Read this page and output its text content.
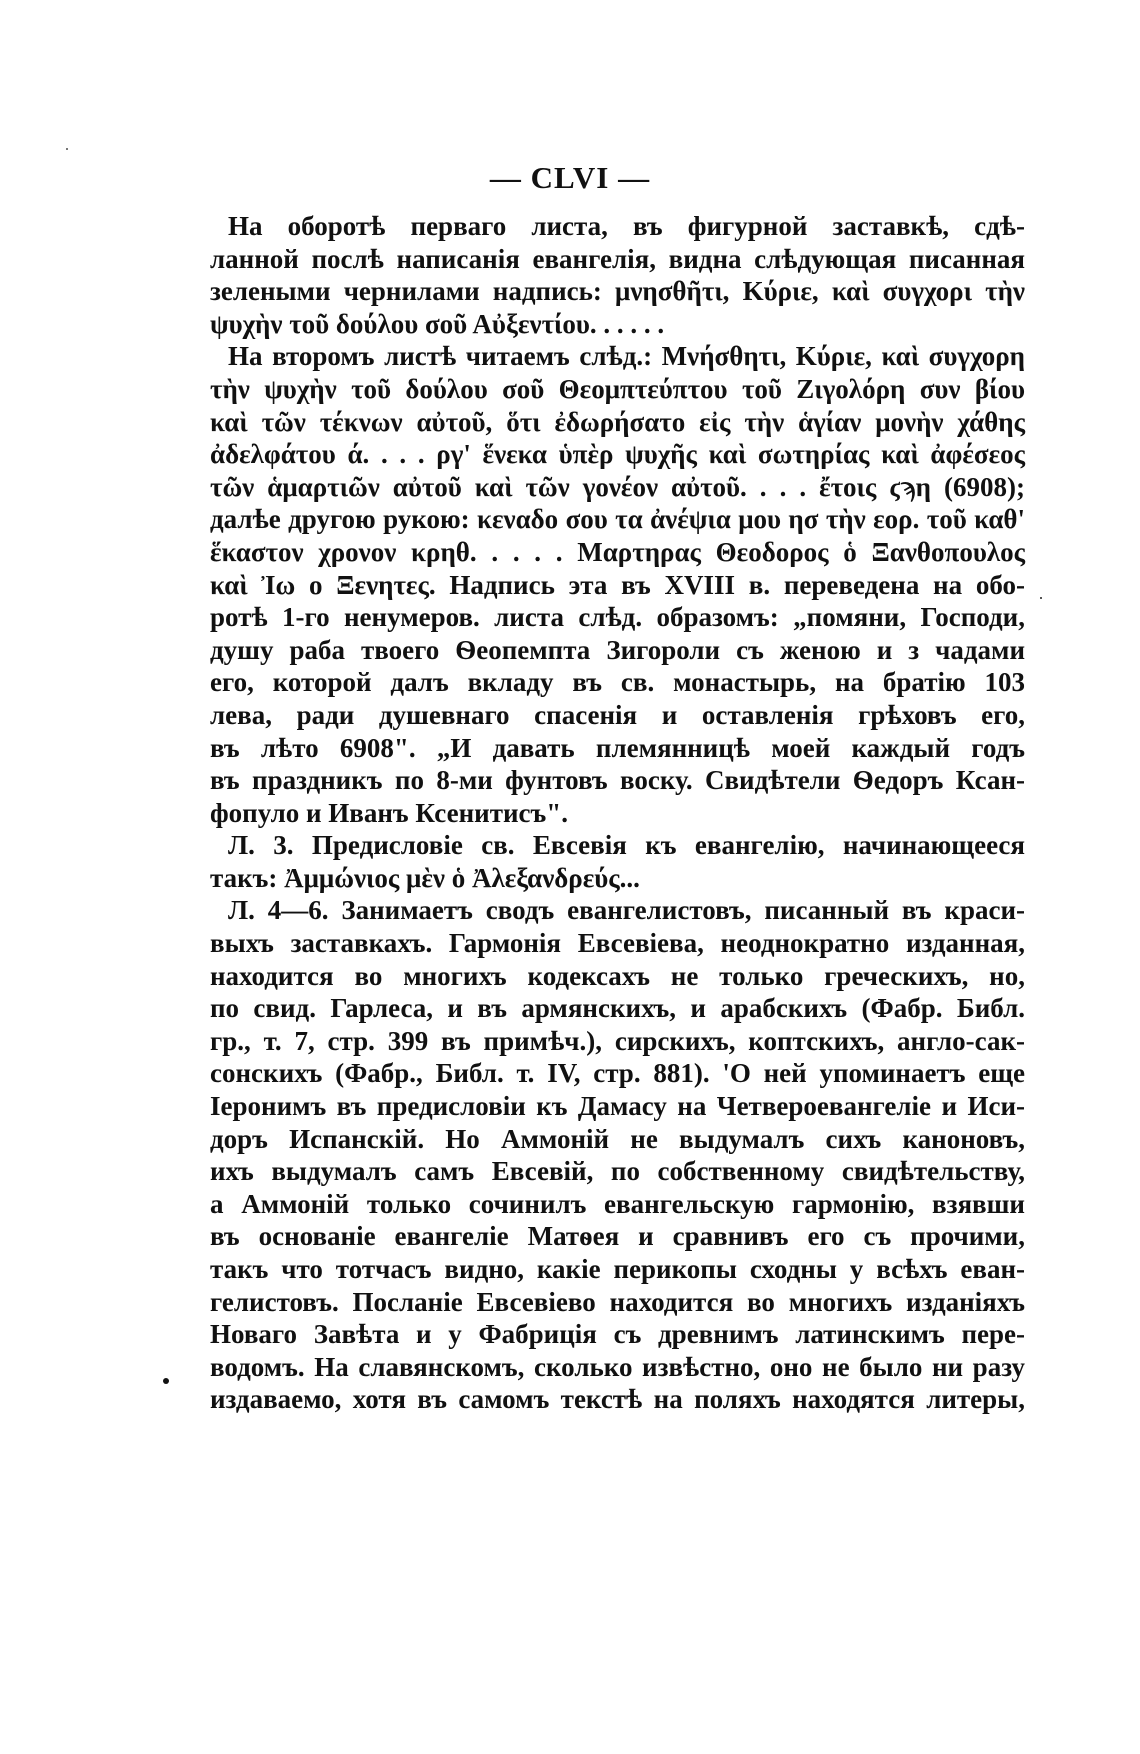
— CLVI —
На оборотѣ перваго листа, въ фигурной заставкѣ, сдѣ-
ланной послѣ написанія евангелія, видна слѣдующая писанная
зелеными чернилами надпись: μνησθῆτι, Κύριε, καὶ συγχορι τὴν
ψυχὴν τοῦ δούλου σοῦ Αὐξεντίου. . . . . .
На второмъ листѣ читаемъ слѣд.: Μνήσθητι, Κύριε, καὶ συγχορη
τὴν ψυχὴν τοῦ δούλου σοῦ Θεομπτεύπτου τοῦ Ζιγολόρη συν βίου
καὶ τῶν τέκνων αὐτοῦ, ὅτι ἐδωρήσατο εἰς τὴν ἁγίαν μονὴν χάθης
ἀδελφάτου ά. . . . ργ' ἕνεκα ὑπὲρ ψυχῆς καὶ σωτηρίας καὶ ἀφέσεος
τῶν ἁμαρτιῶν αὐτοῦ καὶ τῶν γονέον αὐτοῦ. . . . ἔτοις ϛϡη (6908);
далѣе другою рукою: κεναδο σου τα ἀνέψια μου ησ τὴν εορ. τοῦ καθ'
ἕκαστον χρονον κρηθ. . . . . Μαρτηρας Θεοδορος ὁ Ξανθοπουλος
καὶ Ἰω ο Ξενητες. Надпись эта въ XVIII в. переведена на обо-
ротѣ 1-го ненумеров. листа слѣд. образомъ: „помяни, Господи,
душу раба твоего Ѳеопемпта Зигороли съ женою и з чадами
его, которой далъ вкладу въ св. монастырь, на братію 103
лева, ради душевнаго спасенія и оставленія грѣховъ его,
въ лѣто 6908". „И давать племянницѣ моей каждый годъ
въ праздникъ по 8-ми фунтовъ воску. Свидѣтели Ѳедоръ Ксан-
фопуло и Иванъ Ксенитисъ".
Л. 3. Предисловіе св. Евсевія къ евангелію, начинающееся
такъ: Ἀμμώνιος μὲν ὁ Ἀλεξανδρεύς...
Л. 4—6. Занимаетъ сводъ евангелистовъ, писанный въ краси-
выхъ заставкахъ. Гармонія Евсевіева, неоднократно изданная,
находится во многихъ кодексахъ не только греческихъ, но,
по свид. Гарлеса, и въ армянскихъ, и арабскихъ (Фабр. Библ.
гр., т. 7, стр. 399 въ примѣч.), сирскихъ, коптскихъ, англо-сак-
сонскихъ (Фабр., Библ. т. IV, стр. 881). 'О ней упоминаетъ еще
Іеронимъ въ предисловіи къ Дамасу на Четвероевангеліе и Иси-
доръ Испанскій. Но Аммоній не выдумалъ сихъ каноновъ,
ихъ выдумалъ самъ Евсевій, по собственному свидѣтельству,
а Аммоній только сочинилъ евангельскую гармонію, взявши
въ основаніе евангеліе Матѳея и сравнивъ его съ прочими,
такъ что тотчасъ видно, какіе перикопы сходны у всѣхъ еван-
гелистовъ. Посланіе Евсевіево находится во многихъ изданіяхъ
Новаго Завѣта и у Фабриція съ древнимъ латинскимъ пере-
водомъ. На славянскомъ, сколько извѣстно, оно не было ни разу
издаваемо, хотя въ самомъ текстѣ на поляхъ находятся литеры,
